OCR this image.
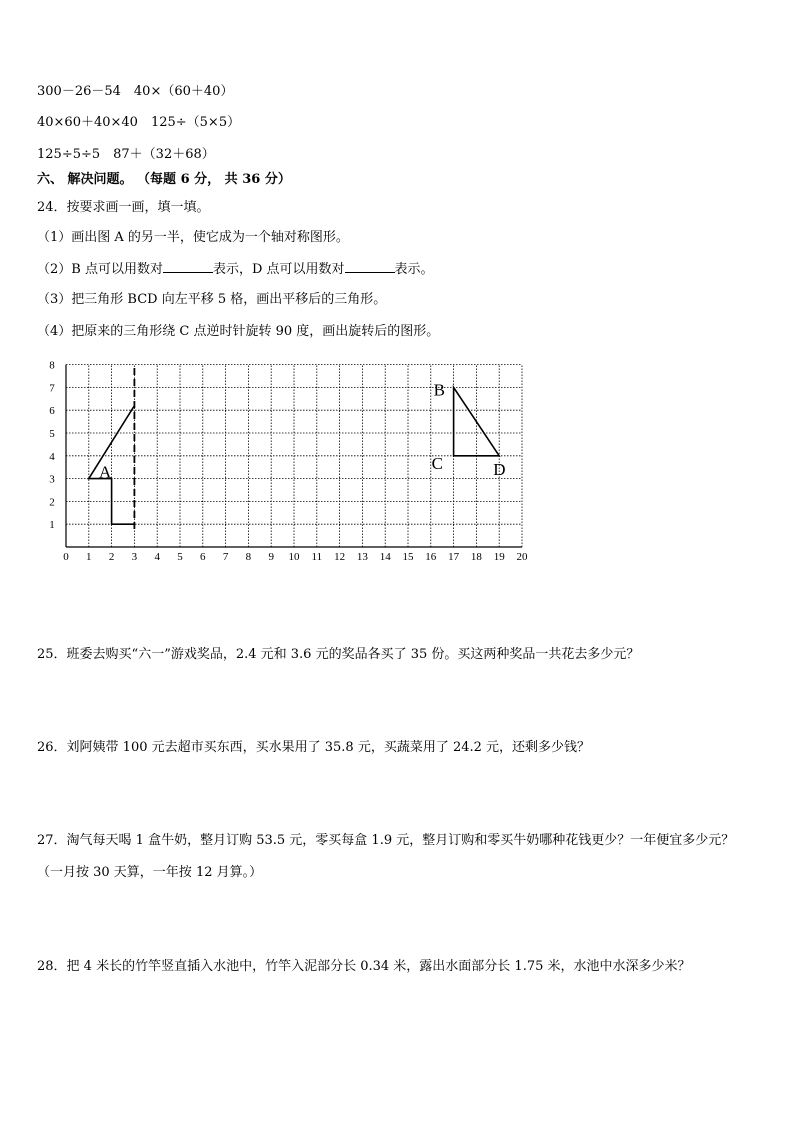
300－26－54　40×（60＋40）
40×60＋40×40　125÷（5×5）
125÷5÷5　87＋（32＋68）
六、 解决问题。 （每题 6 分， 共 36 分）
24．按要求画一画，填一填。
（1）画出图 A 的另一半，使它成为一个轴对称图形。
（2）B 点可以用数对	表示，D 点可以用数对	表示。
（3）把三角形 BCD 向左平移 5 格，画出平移后的三角形。
（4）把原来的三角形绕 C 点逆时针旋转 90 度，画出旋转后的图形。
0 1 2 3 4 5 6 7 8 9 10 11 12 13 14 15 16 17 18 19 20
1
2
3
4
5
6
7
8
A
B
C	D
25．班委去购买“六一”游戏奖品，2.4 元和 3.6 元的奖品各买了 35 份。买这两种奖品一共花去多少元？
26．刘阿姨带 100 元去超市买东西，买水果用了 35.8 元，买蔬菜用了 24.2 元，还剩多少钱？
27．淘气每天喝 1 盒牛奶，整月订购 53.5 元，零买每盒 1.9 元，整月订购和零买牛奶哪种花钱更少？一年便宜多少元？
（一月按 30 天算，一年按 12 月算。）
28．把 4 米长的竹竿竖直插入水池中，竹竿入泥部分长 0.34 米，露出水面部分长 1.75 米，水池中水深多少米？
